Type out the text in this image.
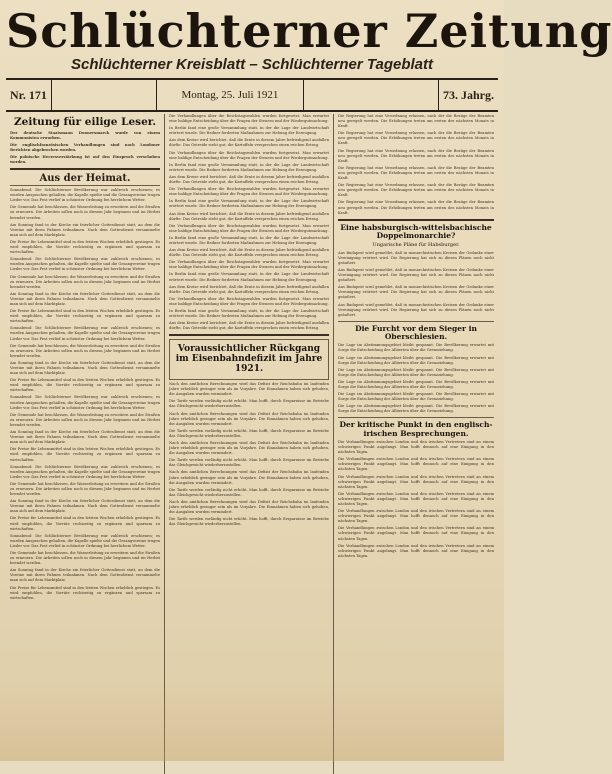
Schlüchterner Zeitung
Schlüchterner Kreisblatt – Schlüchterner Tageblatt
Nr. 171	Montag, 25. Juli 1921	73. Jahrg.
Zeitung für eilige Leser.

Der deutsche Staatsmann Donnersmarck wurde von einem Kommunisten erworben.

Die englischfranzösischen Verhandlungen sind noch Londoner Berichten abgebrochen worden.

Die polnische Heeresverstärkung ist auf den Einspruch verschoben worden.

Aus der Heimat.

Sonnabend: Die Schlüchterner Bevölkerung war zahlreich erschienen; es wurden Ansprachen gehalten, die Kapelle spielte und die Gesangvereine trugen Lieder vor. Das Fest verlief in schönster Ordnung bei herrlichem Wetter.

Die Gemeinde hat beschlossen, die Wasserleitung zu erweitern und die Straßen zu erneuern. Die Arbeiten sollen noch in diesem Jahr beginnen und im Herbst beendet werden.

Am Sonntag fand in der Kirche ein feierlicher Gottesdienst statt, an dem die Vereine mit ihren Fahnen teilnahmen. Nach dem Gottesdienst versammelte man sich auf dem Marktplatz.

Die Preise für Lebensmittel sind in den letzten Wochen erheblich gestiegen. Es wird empfohlen, die Vorräte rechtzeitig zu ergänzen und sparsam zu wirtschaften.

Sonnabend: Die Schlüchterner Bevölkerung war zahlreich erschienen; es wurden Ansprachen gehalten, die Kapelle spielte und die Gesangvereine trugen Lieder vor. Das Fest verlief in schönster Ordnung bei herrlichem Wetter.

Die Gemeinde hat beschlossen, die Wasserleitung zu erweitern und die Straßen zu erneuern. Die Arbeiten sollen noch in diesem Jahr beginnen und im Herbst beendet werden.

Am Sonntag fand in der Kirche ein feierlicher Gottesdienst statt, an dem die Vereine mit ihren Fahnen teilnahmen. Nach dem Gottesdienst versammelte man sich auf dem Marktplatz.

Die Preise für Lebensmittel sind in den letzten Wochen erheblich gestiegen. Es wird empfohlen, die Vorräte rechtzeitig zu ergänzen und sparsam zu wirtschaften.

Sonnabend: Die Schlüchterner Bevölkerung war zahlreich erschienen; es wurden Ansprachen gehalten, die Kapelle spielte und die Gesangvereine trugen Lieder vor. Das Fest verlief in schönster Ordnung bei herrlichem Wetter.

Die Gemeinde hat beschlossen, die Wasserleitung zu erweitern und die Straßen zu erneuern. Die Arbeiten sollen noch in diesem Jahr beginnen und im Herbst beendet werden.

Am Sonntag fand in der Kirche ein feierlicher Gottesdienst statt, an dem die Vereine mit ihren Fahnen teilnahmen. Nach dem Gottesdienst versammelte man sich auf dem Marktplatz.

Die Preise für Lebensmittel sind in den letzten Wochen erheblich gestiegen. Es wird empfohlen, die Vorräte rechtzeitig zu ergänzen und sparsam zu wirtschaften.

Sonnabend: Die Schlüchterner Bevölkerung war zahlreich erschienen; es wurden Ansprachen gehalten, die Kapelle spielte und die Gesangvereine trugen Lieder vor. Das Fest verlief in schönster Ordnung bei herrlichem Wetter.

Die Gemeinde hat beschlossen, die Wasserleitung zu erweitern und die Straßen zu erneuern. Die Arbeiten sollen noch in diesem Jahr beginnen und im Herbst beendet werden.

Am Sonntag fand in der Kirche ein feierlicher Gottesdienst statt, an dem die Vereine mit ihren Fahnen teilnahmen. Nach dem Gottesdienst versammelte man sich auf dem Marktplatz.

Die Preise für Lebensmittel sind in den letzten Wochen erheblich gestiegen. Es wird empfohlen, die Vorräte rechtzeitig zu ergänzen und sparsam zu wirtschaften.

Sonnabend: Die Schlüchterner Bevölkerung war zahlreich erschienen; es wurden Ansprachen gehalten, die Kapelle spielte und die Gesangvereine trugen Lieder vor. Das Fest verlief in schönster Ordnung bei herrlichem Wetter.

Die Gemeinde hat beschlossen, die Wasserleitung zu erweitern und die Straßen zu erneuern. Die Arbeiten sollen noch in diesem Jahr beginnen und im Herbst beendet werden.

Am Sonntag fand in der Kirche ein feierlicher Gottesdienst statt, an dem die Vereine mit ihren Fahnen teilnahmen. Nach dem Gottesdienst versammelte man sich auf dem Marktplatz.

Die Preise für Lebensmittel sind in den letzten Wochen erheblich gestiegen. Es wird empfohlen, die Vorräte rechtzeitig zu ergänzen und sparsam zu wirtschaften.

Sonnabend: Die Schlüchterner Bevölkerung war zahlreich erschienen; es wurden Ansprachen gehalten, die Kapelle spielte und die Gesangvereine trugen Lieder vor. Das Fest verlief in schönster Ordnung bei herrlichem Wetter.

Die Gemeinde hat beschlossen, die Wasserleitung zu erweitern und die Straßen zu erneuern. Die Arbeiten sollen noch in diesem Jahr beginnen und im Herbst beendet werden.

Am Sonntag fand in der Kirche ein feierlicher Gottesdienst statt, an dem die Vereine mit ihren Fahnen teilnahmen. Nach dem Gottesdienst versammelte man sich auf dem Marktplatz.

Die Preise für Lebensmittel sind in den letzten Wochen erheblich gestiegen. Es wird empfohlen, die Vorräte rechtzeitig zu ergänzen und sparsam zu wirtschaften.

Die Verhandlungen über die Reichstagswahlen wurden fortgesetzt. Man erwartet eine baldige Entscheidung über die Fragen der Steuern und der Wiedergutmachung.

In Berlin fand eine große Versammlung statt, in der die Lage der Landwirtschaft erörtert wurde. Die Redner forderten Maßnahmen zur Hebung der Erzeugung.

Aus dem Kreise wird berichtet, daß die Ernte in diesem Jahre befriedigend ausfallen dürfte. Das Getreide steht gut, die Kartoffeln versprechen einen reichen Ertrag.

Die Verhandlungen über die Reichstagswahlen wurden fortgesetzt. Man erwartet eine baldige Entscheidung über die Fragen der Steuern und der Wiedergutmachung.

In Berlin fand eine große Versammlung statt, in der die Lage der Landwirtschaft erörtert wurde. Die Redner forderten Maßnahmen zur Hebung der Erzeugung.

Aus dem Kreise wird berichtet, daß die Ernte in diesem Jahre befriedigend ausfallen dürfte. Das Getreide steht gut, die Kartoffeln versprechen einen reichen Ertrag.

Die Verhandlungen über die Reichstagswahlen wurden fortgesetzt. Man erwartet eine baldige Entscheidung über die Fragen der Steuern und der Wiedergutmachung.

In Berlin fand eine große Versammlung statt, in der die Lage der Landwirtschaft erörtert wurde. Die Redner forderten Maßnahmen zur Hebung der Erzeugung.

Aus dem Kreise wird berichtet, daß die Ernte in diesem Jahre befriedigend ausfallen dürfte. Das Getreide steht gut, die Kartoffeln versprechen einen reichen Ertrag.

Die Verhandlungen über die Reichstagswahlen wurden fortgesetzt. Man erwartet eine baldige Entscheidung über die Fragen der Steuern und der Wiedergutmachung.

In Berlin fand eine große Versammlung statt, in der die Lage der Landwirtschaft erörtert wurde. Die Redner forderten Maßnahmen zur Hebung der Erzeugung.

Aus dem Kreise wird berichtet, daß die Ernte in diesem Jahre befriedigend ausfallen dürfte. Das Getreide steht gut, die Kartoffeln versprechen einen reichen Ertrag.

Die Verhandlungen über die Reichstagswahlen wurden fortgesetzt. Man erwartet eine baldige Entscheidung über die Fragen der Steuern und der Wiedergutmachung.

In Berlin fand eine große Versammlung statt, in der die Lage der Landwirtschaft erörtert wurde. Die Redner forderten Maßnahmen zur Hebung der Erzeugung.

Aus dem Kreise wird berichtet, daß die Ernte in diesem Jahre befriedigend ausfallen dürfte. Das Getreide steht gut, die Kartoffeln versprechen einen reichen Ertrag.

Die Verhandlungen über die Reichstagswahlen wurden fortgesetzt. Man erwartet eine baldige Entscheidung über die Fragen der Steuern und der Wiedergutmachung.

In Berlin fand eine große Versammlung statt, in der die Lage der Landwirtschaft erörtert wurde. Die Redner forderten Maßnahmen zur Hebung der Erzeugung.

Aus dem Kreise wird berichtet, daß die Ernte in diesem Jahre befriedigend ausfallen dürfte. Das Getreide steht gut, die Kartoffeln versprechen einen reichen Ertrag.

Voraussichtlicher Rückgang im Eisenbahndefizit im Jahre 1921.

Nach den amtlichen Berechnungen wird das Defizit der Reichsbahn im laufenden Jahre erheblich geringer sein als im Vorjahre. Die Einnahmen haben sich gehoben, die Ausgaben wurden vermindert.

Die Tarife werden vorläufig nicht erhöht. Man hofft, durch Ersparnisse im Betriebe das Gleichgewicht wiederherzustellen.

Nach den amtlichen Berechnungen wird das Defizit der Reichsbahn im laufenden Jahre erheblich geringer sein als im Vorjahre. Die Einnahmen haben sich gehoben, die Ausgaben wurden vermindert.

Die Tarife werden vorläufig nicht erhöht. Man hofft, durch Ersparnisse im Betriebe das Gleichgewicht wiederherzustellen.

Nach den amtlichen Berechnungen wird das Defizit der Reichsbahn im laufenden Jahre erheblich geringer sein als im Vorjahre. Die Einnahmen haben sich gehoben, die Ausgaben wurden vermindert.

Die Tarife werden vorläufig nicht erhöht. Man hofft, durch Ersparnisse im Betriebe das Gleichgewicht wiederherzustellen.

Nach den amtlichen Berechnungen wird das Defizit der Reichsbahn im laufenden Jahre erheblich geringer sein als im Vorjahre. Die Einnahmen haben sich gehoben, die Ausgaben wurden vermindert.

Die Tarife werden vorläufig nicht erhöht. Man hofft, durch Ersparnisse im Betriebe das Gleichgewicht wiederherzustellen.

Nach den amtlichen Berechnungen wird das Defizit der Reichsbahn im laufenden Jahre erheblich geringer sein als im Vorjahre. Die Einnahmen haben sich gehoben, die Ausgaben wurden vermindert.

Die Tarife werden vorläufig nicht erhöht. Man hofft, durch Ersparnisse im Betriebe das Gleichgewicht wiederherzustellen.

Die Regierung hat eine Verordnung erlassen, nach der die Bezüge der Beamten neu geregelt werden. Die Erhöhungen treten am ersten des nächsten Monats in Kraft.

Die Regierung hat eine Verordnung erlassen, nach der die Bezüge der Beamten neu geregelt werden. Die Erhöhungen treten am ersten des nächsten Monats in Kraft.

Die Regierung hat eine Verordnung erlassen, nach der die Bezüge der Beamten neu geregelt werden. Die Erhöhungen treten am ersten des nächsten Monats in Kraft.

Die Regierung hat eine Verordnung erlassen, nach der die Bezüge der Beamten neu geregelt werden. Die Erhöhungen treten am ersten des nächsten Monats in Kraft.

Die Regierung hat eine Verordnung erlassen, nach der die Bezüge der Beamten neu geregelt werden. Die Erhöhungen treten am ersten des nächsten Monats in Kraft.

Die Regierung hat eine Verordnung erlassen, nach der die Bezüge der Beamten neu geregelt werden. Die Erhöhungen treten am ersten des nächsten Monats in Kraft.

Eine habsburgisch-wittelsbachische Doppelmonarchie?
Ungarische Pläne für Habsburger.

Aus Budapest wird gemeldet, daß in monarchistischen Kreisen der Gedanke einer Vereinigung erörtert wird. Die Regierung hat sich zu diesen Plänen noch nicht geäußert.

Aus Budapest wird gemeldet, daß in monarchistischen Kreisen der Gedanke einer Vereinigung erörtert wird. Die Regierung hat sich zu diesen Plänen noch nicht geäußert.

Aus Budapest wird gemeldet, daß in monarchistischen Kreisen der Gedanke einer Vereinigung erörtert wird. Die Regierung hat sich zu diesen Plänen noch nicht geäußert.

Aus Budapest wird gemeldet, daß in monarchistischen Kreisen der Gedanke einer Vereinigung erörtert wird. Die Regierung hat sich zu diesen Plänen noch nicht geäußert.

Die Furcht vor dem Sieger in Oberschlesien.

Die Lage im Abstimmungsgebiet bleibt gespannt. Die Bevölkerung erwartet mit Sorge die Entscheidung der Alliierten über die Grenzziehung.

Die Lage im Abstimmungsgebiet bleibt gespannt. Die Bevölkerung erwartet mit Sorge die Entscheidung der Alliierten über die Grenzziehung.

Die Lage im Abstimmungsgebiet bleibt gespannt. Die Bevölkerung erwartet mit Sorge die Entscheidung der Alliierten über die Grenzziehung.

Die Lage im Abstimmungsgebiet bleibt gespannt. Die Bevölkerung erwartet mit Sorge die Entscheidung der Alliierten über die Grenzziehung.

Die Lage im Abstimmungsgebiet bleibt gespannt. Die Bevölkerung erwartet mit Sorge die Entscheidung der Alliierten über die Grenzziehung.

Die Lage im Abstimmungsgebiet bleibt gespannt. Die Bevölkerung erwartet mit Sorge die Entscheidung der Alliierten über die Grenzziehung.

Der kritische Punkt in den englisch-irischen Besprechungen.

Die Verhandlungen zwischen London und den irischen Vertretern sind an einem schwierigen Punkt angelangt. Man hofft dennoch auf eine Einigung in den nächsten Tagen.

Die Verhandlungen zwischen London und den irischen Vertretern sind an einem schwierigen Punkt angelangt. Man hofft dennoch auf eine Einigung in den nächsten Tagen.

Die Verhandlungen zwischen London und den irischen Vertretern sind an einem schwierigen Punkt angelangt. Man hofft dennoch auf eine Einigung in den nächsten Tagen.

Die Verhandlungen zwischen London und den irischen Vertretern sind an einem schwierigen Punkt angelangt. Man hofft dennoch auf eine Einigung in den nächsten Tagen.

Die Verhandlungen zwischen London und den irischen Vertretern sind an einem schwierigen Punkt angelangt. Man hofft dennoch auf eine Einigung in den nächsten Tagen.

Die Verhandlungen zwischen London und den irischen Vertretern sind an einem schwierigen Punkt angelangt. Man hofft dennoch auf eine Einigung in den nächsten Tagen.

Die Verhandlungen zwischen London und den irischen Vertretern sind an einem schwierigen Punkt angelangt. Man hofft dennoch auf eine Einigung in den nächsten Tagen.
